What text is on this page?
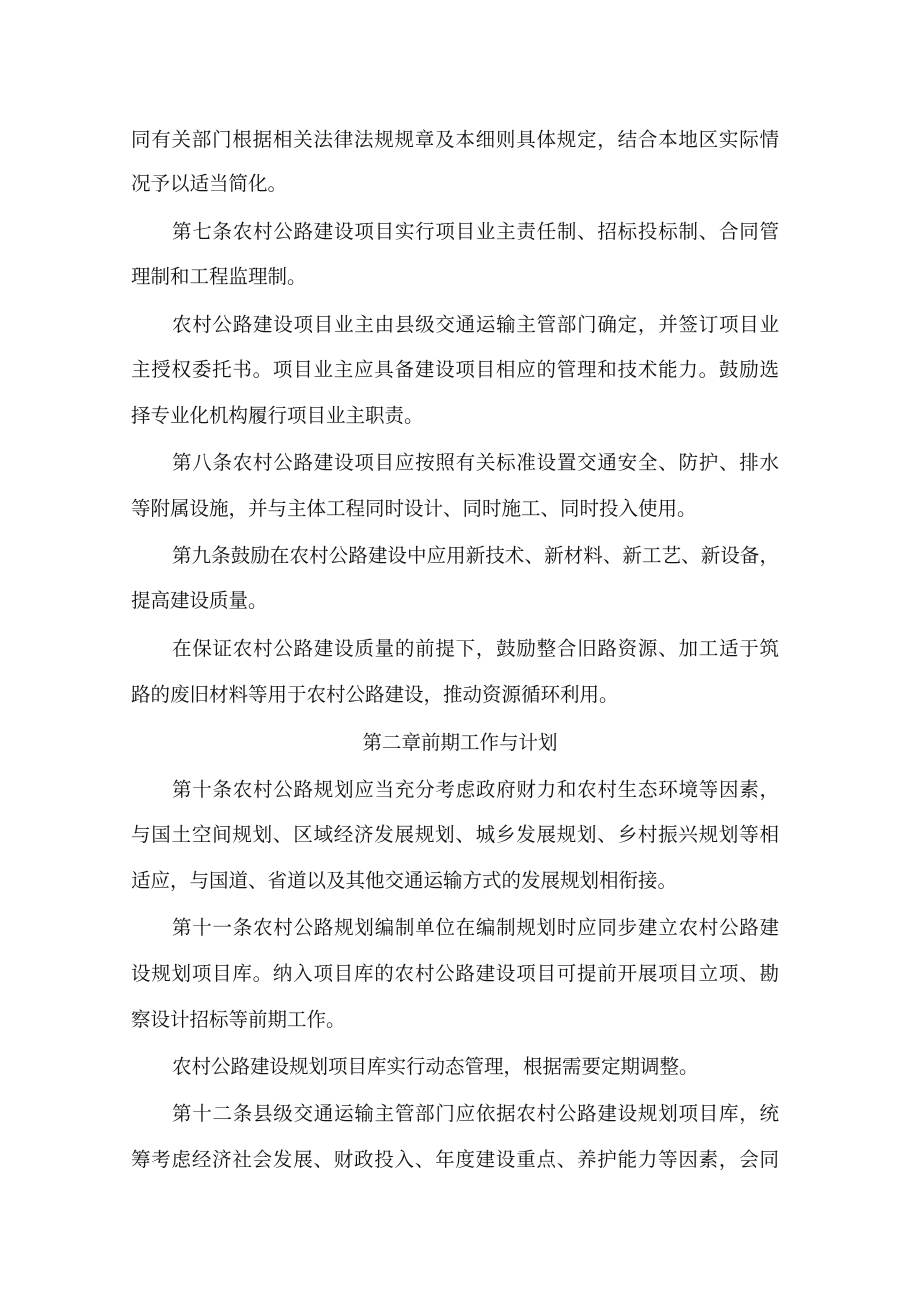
同有关部门根据相关法律法规规章及本细则具体规定，结合本地区实际情
况予以适当简化。
第七条农村公路建设项目实行项目业主责任制、招标投标制、合同管
理制和工程监理制。
农村公路建设项目业主由县级交通运输主管部门确定，并签订项目业
主授权委托书。项目业主应具备建设项目相应的管理和技术能力。鼓励选
择专业化机构履行项目业主职责。
第八条农村公路建设项目应按照有关标准设置交通安全、防护、排水
等附属设施，并与主体工程同时设计、同时施工、同时投入使用。
第九条鼓励在农村公路建设中应用新技术、新材料、新工艺、新设备，
提高建设质量。
在保证农村公路建设质量的前提下，鼓励整合旧路资源、加工适于筑
路的废旧材料等用于农村公路建设，推动资源循环利用。
第二章前期工作与计划
第十条农村公路规划应当充分考虑政府财力和农村生态环境等因素，
与国土空间规划、区域经济发展规划、城乡发展规划、乡村振兴规划等相
适应，与国道、省道以及其他交通运输方式的发展规划相衔接。
第十一条农村公路规划编制单位在编制规划时应同步建立农村公路建
设规划项目库。纳入项目库的农村公路建设项目可提前开展项目立项、勘
察设计招标等前期工作。
农村公路建设规划项目库实行动态管理，根据需要定期调整。
第十二条县级交通运输主管部门应依据农村公路建设规划项目库，统
筹考虑经济社会发展、财政投入、年度建设重点、养护能力等因素，会同
